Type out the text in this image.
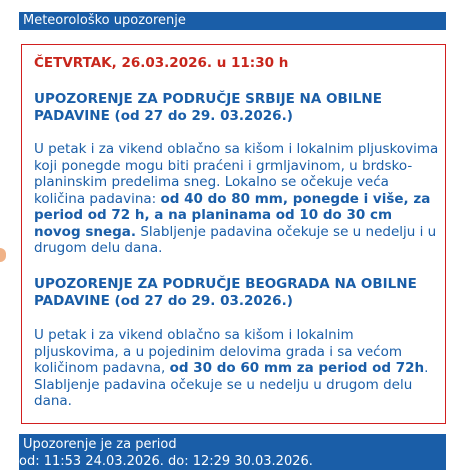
Meteorološko upozorenje
ČETVRTAK, 26.03.2026. u 11:30 h
UPOZORENJE ZA PODRUČJE SRBIJE NA OBILNE PADAVINE (od 27 do 29. 03.2026.)
U petak i za vikend oblačno sa kišom i lokalnim pljuskovima koji ponegde mogu biti praćeni i grmljavinom, u brdsko-planinskim predelima sneg. Lokalno se očekuje veća količina padavina: od 40 do 80 mm, ponegde i više, za period od 72 h, a na planinama od 10 do 30 cm novog snega. Slabljenje padavina očekuje se u nedelju i u drugom delu dana.
UPOZORENJE ZA PODRUČJE BEOGRADA NA OBILNE PADAVINE (od 27 do 29. 03.2026.)
U petak i za vikend oblačno sa kišom i lokalnim pljuskovima, a u pojedinim delovima grada i sa većom količinom padavna, od 30 do 60 mm za period od 72h. Slabljenje padavina očekuje se u nedelju u drugom delu dana.
Upozorenje je za period
od: 11:53 24.03.2026. do: 12:29 30.03.2026.
